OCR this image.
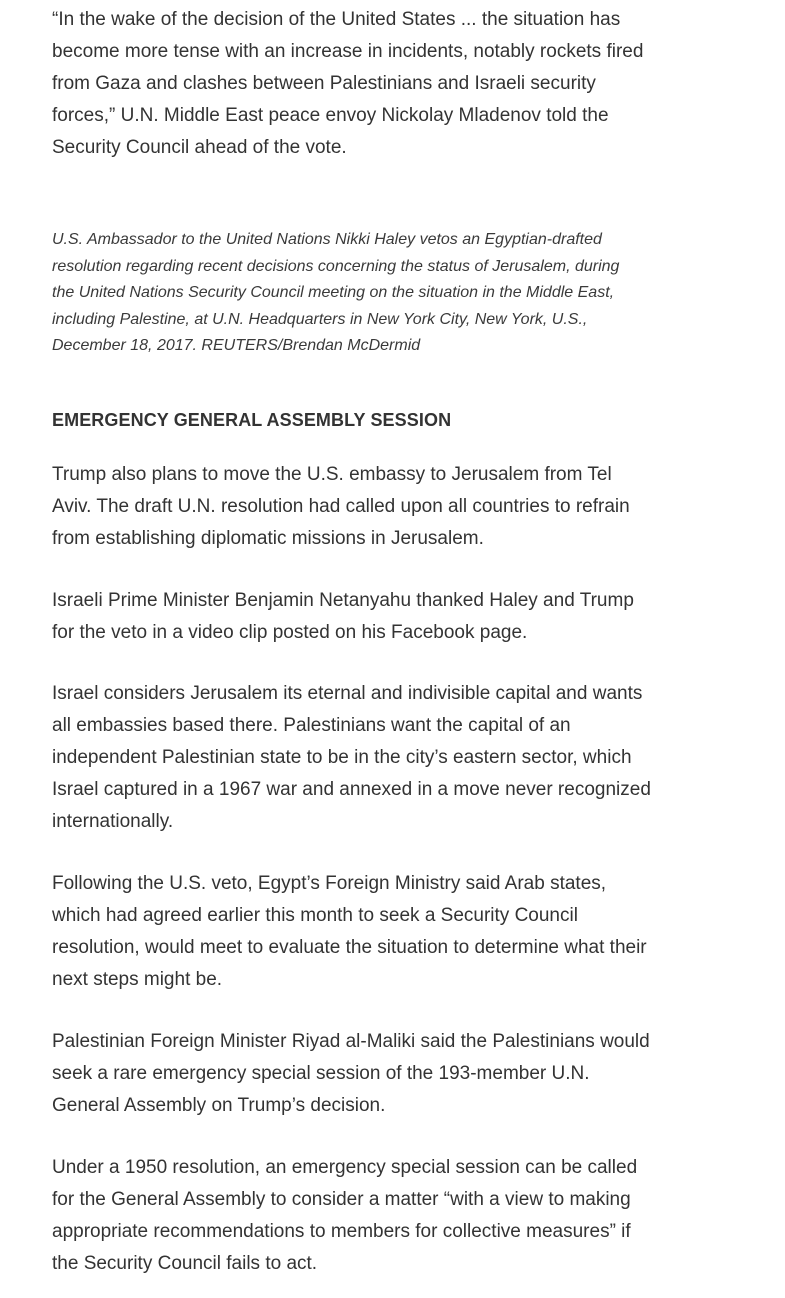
“In the wake of the decision of the United States ... the situation has become more tense with an increase in incidents, notably rockets fired from Gaza and clashes between Palestinians and Israeli security forces,” U.N. Middle East peace envoy Nickolay Mladenov told the Security Council ahead of the vote.

U.S. Ambassador to the United Nations Nikki Haley vetos an Egyptian-drafted resolution regarding recent decisions concerning the status of Jerusalem, during the United Nations Security Council meeting on the situation in the Middle East, including Palestine, at U.N. Headquarters in New York City, New York, U.S., December 18, 2017. REUTERS/Brendan McDermid

EMERGENCY GENERAL ASSEMBLY SESSION

Trump also plans to move the U.S. embassy to Jerusalem from Tel Aviv. The draft U.N. resolution had called upon all countries to refrain from establishing diplomatic missions in Jerusalem.

Israeli Prime Minister Benjamin Netanyahu thanked Haley and Trump for the veto in a video clip posted on his Facebook page.

Israel considers Jerusalem its eternal and indivisible capital and wants all embassies based there. Palestinians want the capital of an independent Palestinian state to be in the city’s eastern sector, which Israel captured in a 1967 war and annexed in a move never recognized internationally.

Following the U.S. veto, Egypt’s Foreign Ministry said Arab states, which had agreed earlier this month to seek a Security Council resolution, would meet to evaluate the situation to determine what their next steps might be.

Palestinian Foreign Minister Riyad al-Maliki said the Palestinians would seek a rare emergency special session of the 193-member U.N. General Assembly on Trump’s decision.

Under a 1950 resolution, an emergency special session can be called for the General Assembly to consider a matter “with a view to making appropriate recommendations to members for collective measures” if the Security Council fails to act.
